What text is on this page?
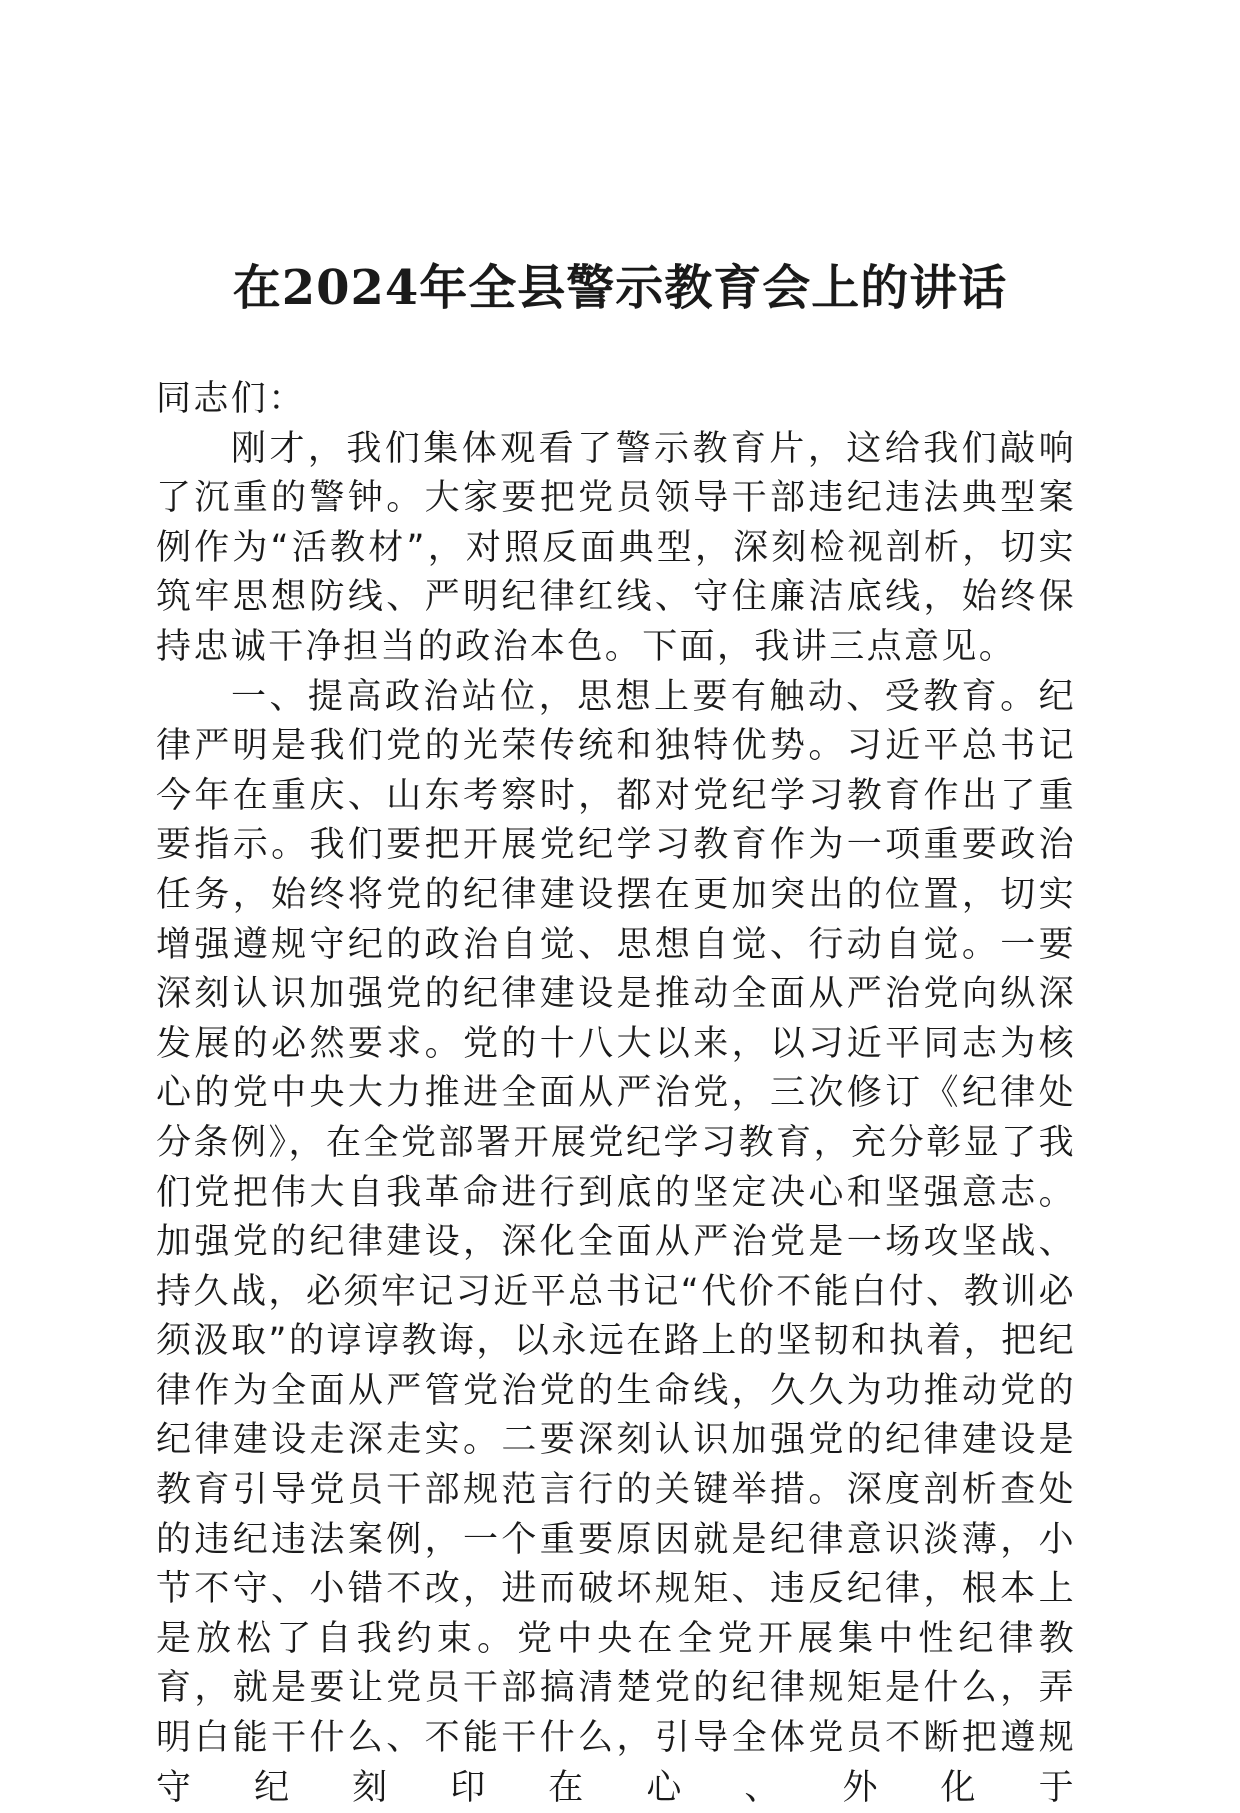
在2024年全县警示教育会上的讲话

同志们：

刚才，我们集体观看了警示教育片，这给我们敲响了沉重的警钟。大家要把党员领导干部违纪违法典型案例作为“活教材”，对照反面典型，深刻检视剖析，切实筑牢思想防线、严明纪律红线、守住廉洁底线，始终保持忠诚干净担当的政治本色。下面，我讲三点意见。

一、提高政治站位，思想上要有触动、受教育。纪律严明是我们党的光荣传统和独特优势。习近平总书记今年在重庆、山东考察时，都对党纪学习教育作出了重要指示。我们要把开展党纪学习教育作为一项重要政治任务，始终将党的纪律建设摆在更加突出的位置，切实增强遵规守纪的政治自觉、思想自觉、行动自觉。一要深刻认识加强党的纪律建设是推动全面从严治党向纵深发展的必然要求。党的十八大以来，以习近平同志为核心的党中央大力推进全面从严治党，三次修订《纪律处分条例》，在全党部署开展党纪学习教育，充分彰显了我们党把伟大自我革命进行到底的坚定决心和坚强意志。加强党的纪律建设，深化全面从严治党是一场攻坚战、持久战，必须牢记习近平总书记“代价不能白付、教训必须汲取”的谆谆教诲，以永远在路上的坚韧和执着，把纪律作为全面从严管党治党的生命线，久久为功推动党的纪律建设走深走实。二要深刻认识加强党的纪律建设是教育引导党员干部规范言行的关键举措。深度剖析查处的违纪违法案例，一个重要原因就是纪律意识淡薄，小节不守、小错不改，进而破坏规矩、违反纪律，根本上是放松了自我约束。党中央在全党开展集中性纪律教育，就是要让党员干部搞清楚党的纪律规矩是什么，弄明白能干什么、不能干什么，引导全体党员不断把遵规守纪刻印在心、外化于
